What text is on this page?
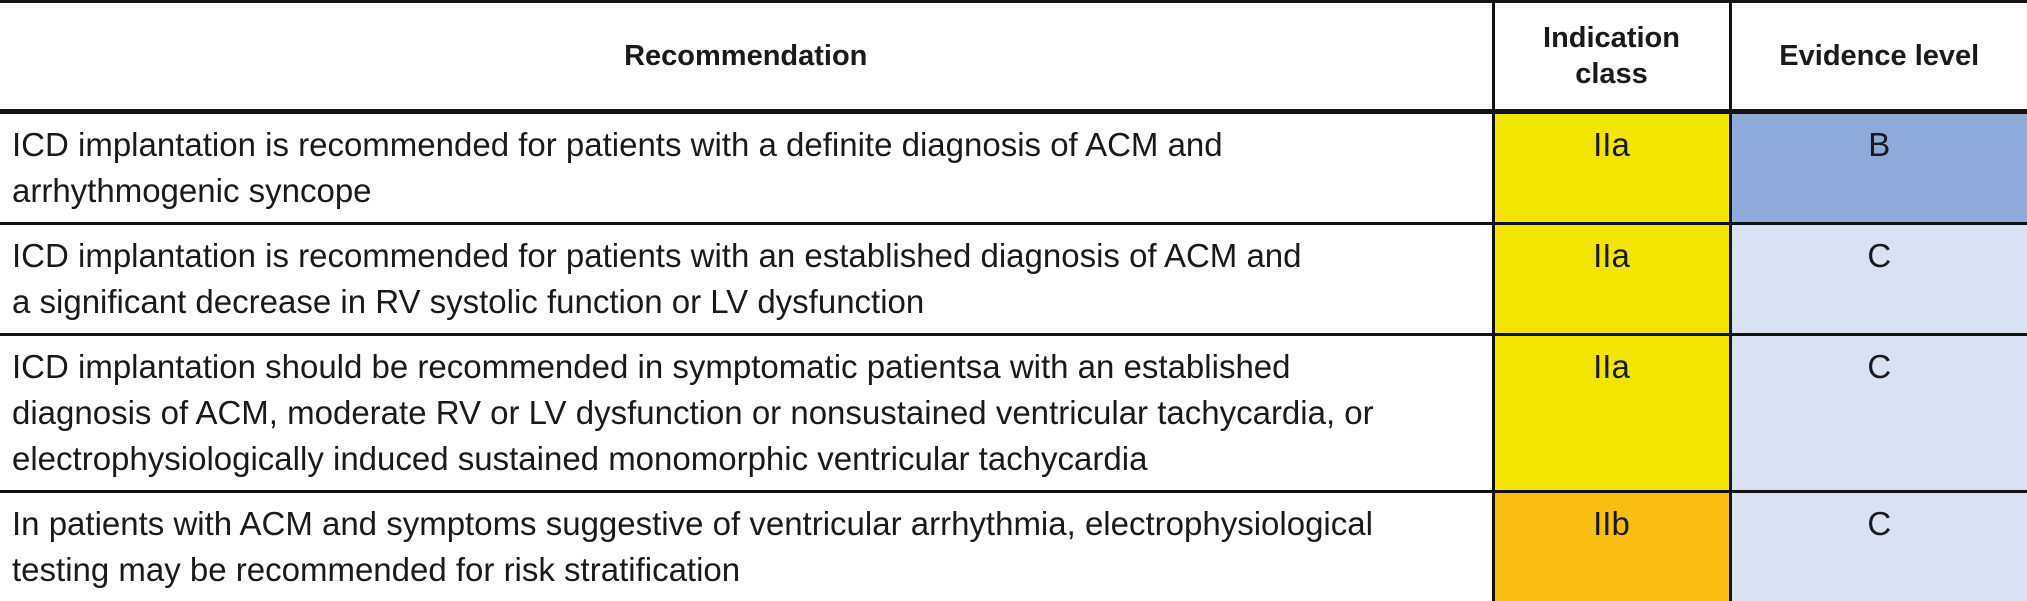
Recommendation	Indication class	Evidence level

ICD implantation is recommended for patients with a definite diagnosis of ACM and
arrhythmogenic syncope	IIa	B

ICD implantation is recommended for patients with an established diagnosis of ACM and
a significant decrease in RV systolic function or LV dysfunction	IIa	C

ICD implantation should be recommended in symptomatic patientsa with an established
diagnosis of ACM, moderate RV or LV dysfunction or nonsustained ventricular tachycardia, or
electrophysiologically induced sustained monomorphic ventricular tachycardia	IIa	C

In patients with ACM and symptoms suggestive of ventricular arrhythmia, electrophysiological
testing may be recommended for risk stratification	IIb	C
